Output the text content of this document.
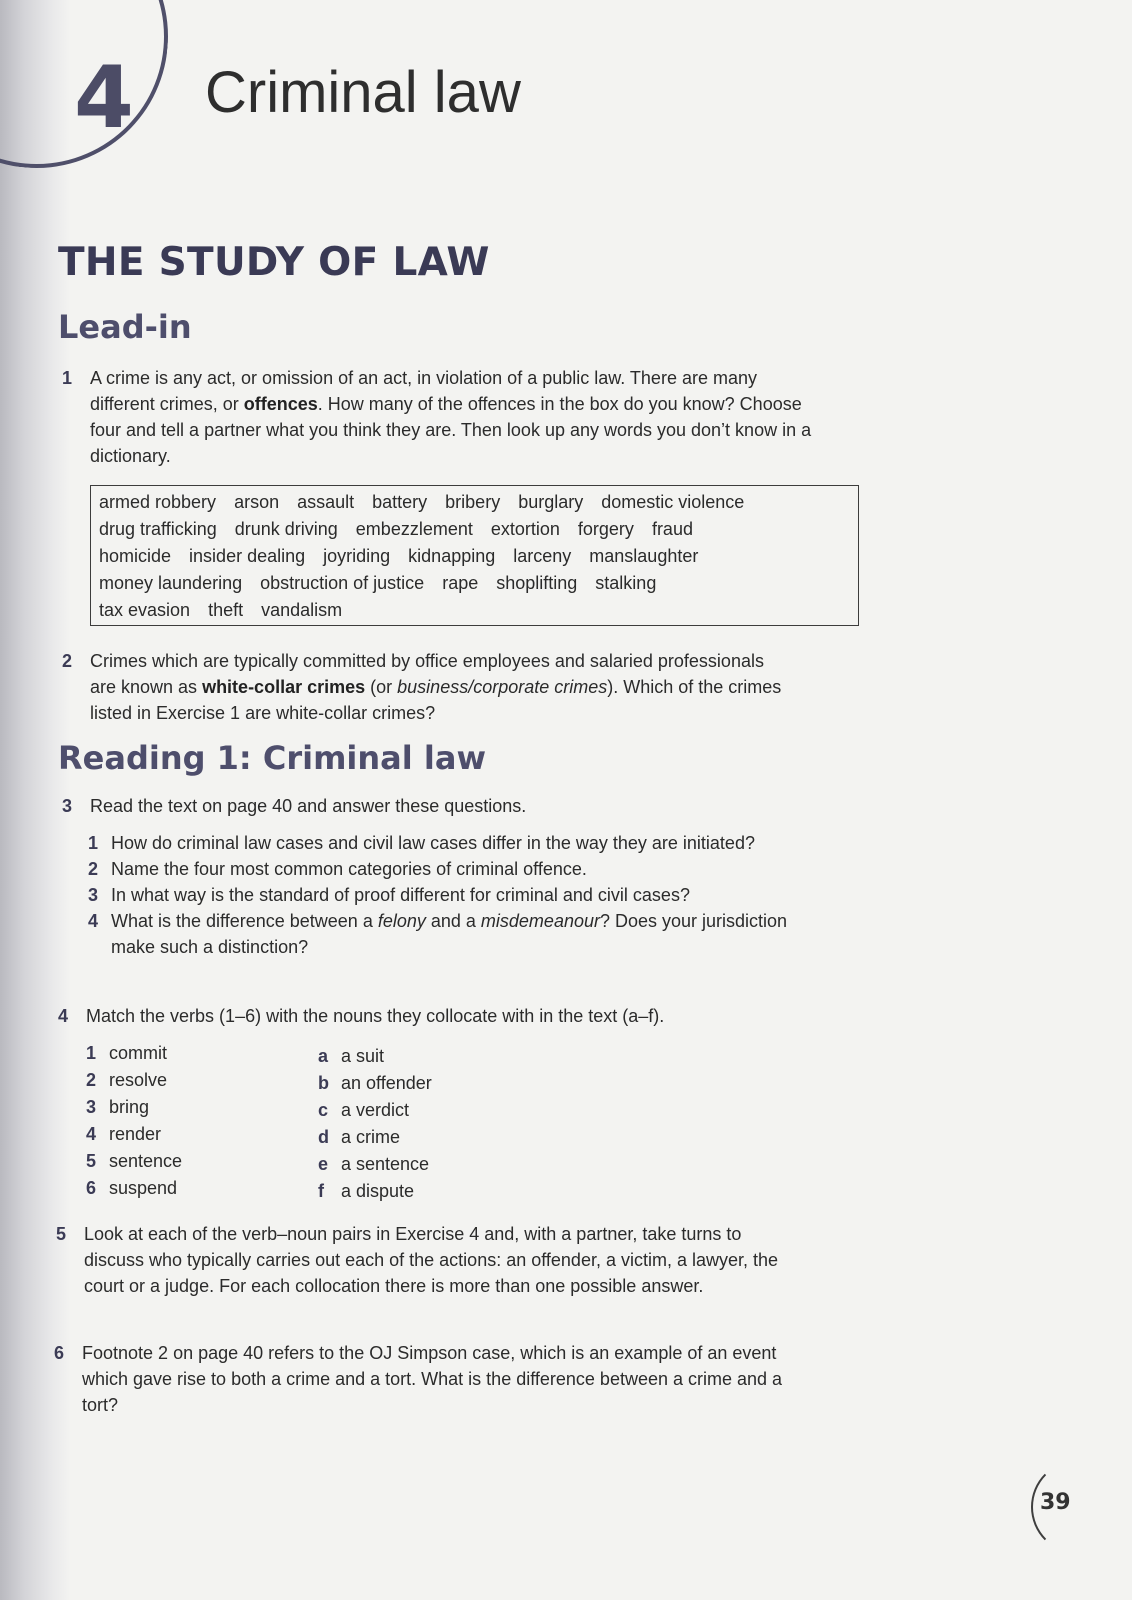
4 Criminal law
THE STUDY OF LAW
Lead-in
1 A crime is any act, or omission of an act, in violation of a public law. There are many different crimes, or offences. How many of the offences in the box do you know? Choose four and tell a partner what you think they are. Then look up any words you don’t know in a dictionary.
armed robbery arson assault battery bribery burglary domestic violence
drug trafficking drunk driving embezzlement extortion forgery fraud
homicide insider dealing joyriding kidnapping larceny manslaughter
money laundering obstruction of justice rape shoplifting stalking
tax evasion theft vandalism
2 Crimes which are typically committed by office employees and salaried professionals are known as white-collar crimes (or business/corporate crimes). Which of the crimes listed in Exercise 1 are white-collar crimes?
Reading 1: Criminal law
3 Read the text on page 40 and answer these questions.
1 How do criminal law cases and civil law cases differ in the way they are initiated?
2 Name the four most common categories of criminal offence.
3 In what way is the standard of proof different for criminal and civil cases?
4 What is the difference between a felony and a misdemeanour? Does your jurisdiction make such a distinction?
4 Match the verbs (1–6) with the nouns they collocate with in the text (a–f).
1 commit
2 resolve
3 bring
4 render
5 sentence
6 suspend
a a suit
b an offender
c a verdict
d a crime
e a sentence
f a dispute
5 Look at each of the verb–noun pairs in Exercise 4 and, with a partner, take turns to discuss who typically carries out each of the actions: an offender, a victim, a lawyer, the court or a judge. For each collocation there is more than one possible answer.
6 Footnote 2 on page 40 refers to the OJ Simpson case, which is an example of an event which gave rise to both a crime and a tort. What is the difference between a crime and a tort?
39
